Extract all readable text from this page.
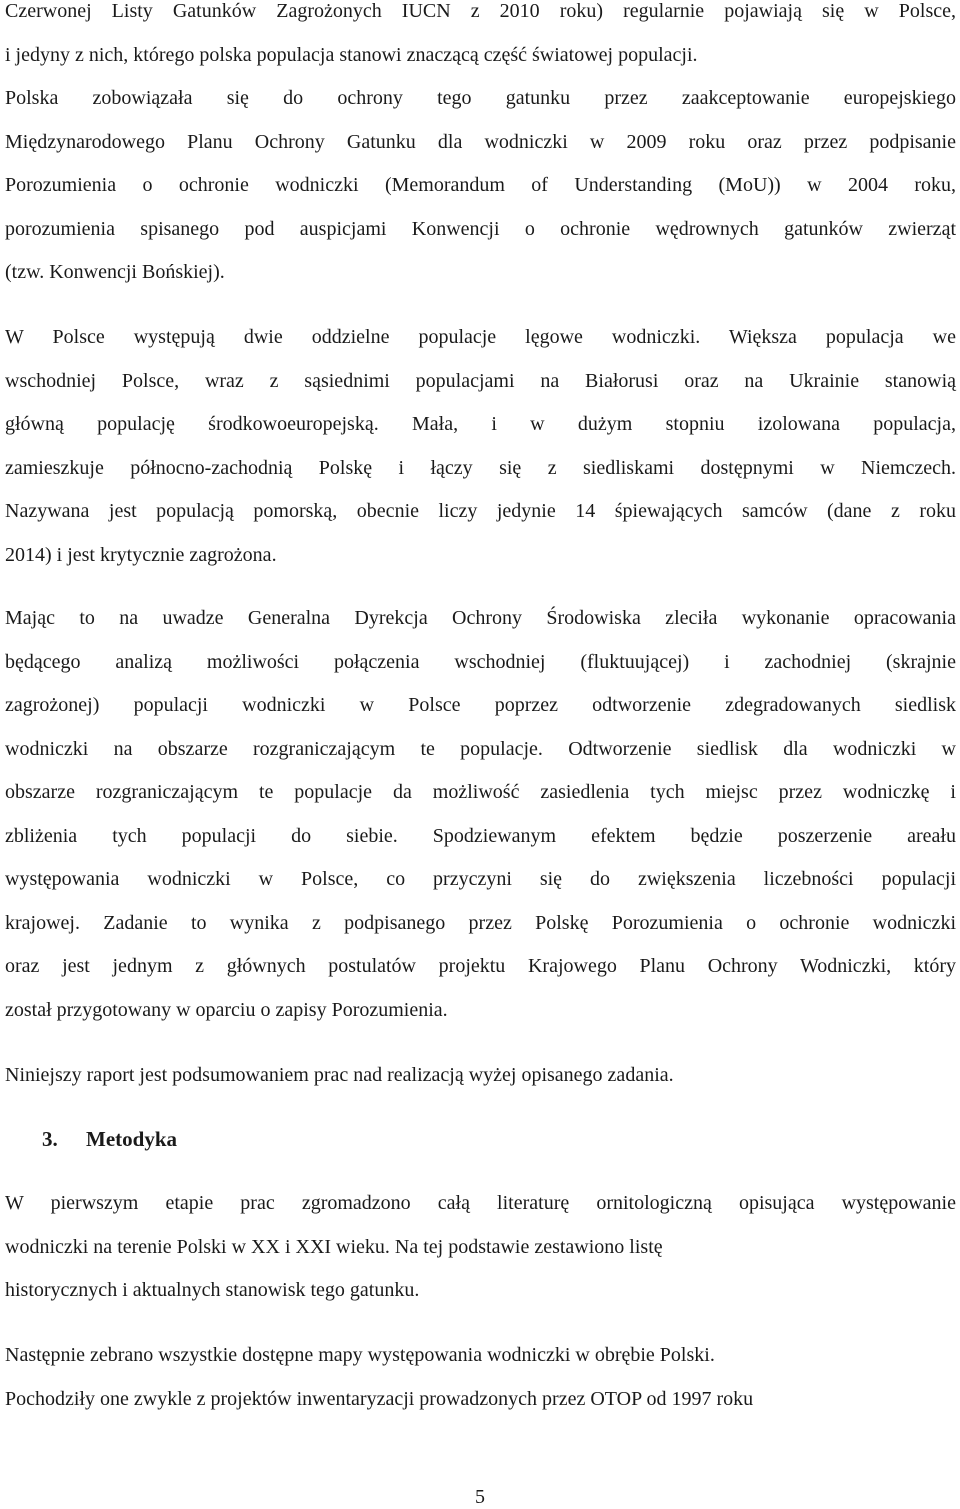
Czerwonej Listy Gatunków Zagrożonych IUCN z 2010 roku) regularnie pojawiają się w Polsce,
i jedyny z nich, którego polska populacja stanowi znaczącą część światowej populacji.
Polska zobowiązała się do ochrony tego gatunku przez zaakceptowanie europejskiego
Międzynarodowego Planu Ochrony Gatunku dla wodniczki w 2009 roku oraz przez podpisanie
Porozumienia o ochronie wodniczki (Memorandum of Understanding (MoU)) w 2004 roku,
porozumienia spisanego pod auspicjami Konwencji o ochronie wędrownych gatunków zwierząt
(tzw. Konwencji Bońskiej).
W Polsce występują dwie oddzielne populacje lęgowe wodniczki. Większa populacja we
wschodniej Polsce, wraz z sąsiednimi populacjami na Białorusi oraz na Ukrainie stanowią
główną populację środkowoeuropejską. Mała, i w dużym stopniu izolowana populacja,
zamieszkuje północno-zachodnią Polskę i łączy się z siedliskami dostępnymi w Niemczech.
Nazywana jest populacją pomorską, obecnie liczy jedynie 14 śpiewających samców (dane z roku
2014) i jest krytycznie zagrożona.
Mając to na uwadze Generalna Dyrekcja Ochrony Środowiska zleciła wykonanie opracowania
będącego analizą możliwości połączenia wschodniej (fluktuującej) i zachodniej (skrajnie
zagrożonej) populacji wodniczki w Polsce poprzez odtworzenie zdegradowanych siedlisk
wodniczki na obszarze rozgraniczającym te populacje. Odtworzenie siedlisk dla wodniczki w
obszarze rozgraniczającym te populacje da możliwość zasiedlenia tych miejsc przez wodniczkę i
zbliżenia tych populacji do siebie. Spodziewanym efektem będzie poszerzenie areału
występowania wodniczki w Polsce, co przyczyni się do zwiększenia liczebności populacji
krajowej. Zadanie to wynika z podpisanego przez Polskę Porozumienia o ochronie wodniczki
oraz jest jednym z głównych postulatów projektu Krajowego Planu Ochrony Wodniczki, który
został przygotowany w oparciu o zapisy Porozumienia.
Niniejszy raport jest podsumowaniem prac nad realizacją wyżej opisanego zadania.
3. Metodyka
W pierwszym etapie prac zgromadzono całą literaturę ornitologiczną opisująca występowanie
wodniczki na terenie Polski w XX i XXI wieku. Na tej podstawie zestawiono listę
historycznych i aktualnych stanowisk tego gatunku.
Następnie zebrano wszystkie dostępne mapy występowania wodniczki w obrębie Polski.
Pochodziły one zwykle z projektów inwentaryzacji prowadzonych przez OTOP od 1997 roku
5
